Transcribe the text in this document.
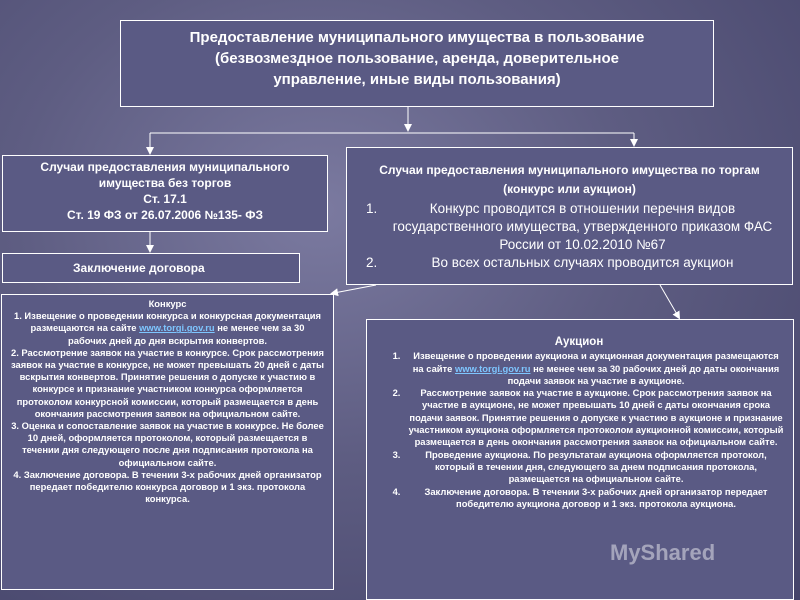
Предоставление муниципального имущества в пользование
(безвозмездное пользование, аренда, доверительное
управление, иные виды пользования)
Случаи предоставления муниципального
имущества без торгов
Ст. 17.1
Ст. 19 ФЗ от 26.07.2006 №135- ФЗ
Случаи предоставления муниципального имущества по торгам
(конкурс или аукцион)
1. Конкурс проводится в отношении перечня видов государственного имущества, утвержденного приказом ФАС России от 10.02.2010 №67
2. Во всех остальных случаях проводится аукцион
Заключение договора
Конкурс

1. Извещение о проведении конкурса и конкурсная документация размещаются на сайте www.torgi.gov.ru не менее чем за 30 рабочих дней до дня вскрытия конвертов.

2. Рассмотрение заявок на участие в конкурсе. Срок рассмотрения заявок на участие в конкурсе, не может превышать 20 дней с даты вскрытия конвертов. Принятие решения о допуске к участию в конкурсе и признание участником конкурса оформляется протоколом конкурсной комиссии, который размещается в день окончания рассмотрения заявок на официальном сайте.

3. Оценка и сопоставление заявок на участие в конкурсе. Не более 10 дней, оформляется протоколом, который размещается в течении дня следующего после дня подписания протокола на официальном сайте.

4. Заключение договора. В течении 3-х рабочих дней организатор передает победителю конкурса договор и 1 экз. протокола конкурса.

Аукцион
1. Извещение о проведении аукциона и аукционная документация размещаются на сайте www.torgi.gov.ru не менее чем за 30 рабочих дней до даты окончания подачи заявок на участие в аукционе.
2. Рассмотрение заявок на участие в аукционе. Срок рассмотрения заявок на участие в аукционе, не может превышать 10 дней с даты окончания срока подачи заявок. Принятие решения о допуске к участию в аукционе и признание участником аукциона оформляется протоколом аукционной комиссии, который размещается в день окончания рассмотрения заявок на официальном сайте.
3. Проведение аукциона. По результатам аукциона оформляется протокол, который в течении дня, следующего за днем подписания протокола, размещается на официальном сайте.
4. Заключение договора. В течении 3-х рабочих дней организатор передает победителю аукциона договор и 1 экз. протокола аукциона.
MyShared
